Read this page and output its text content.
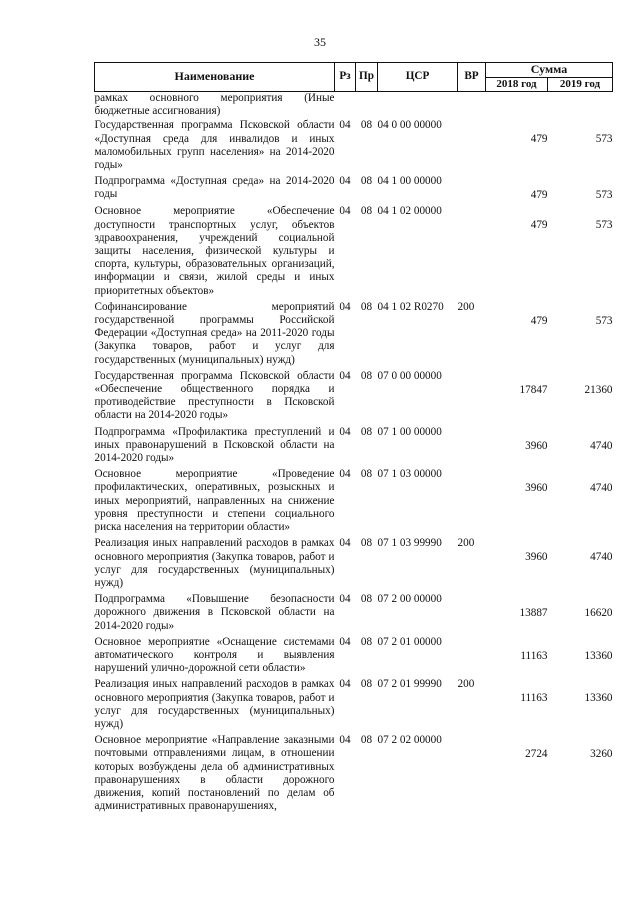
35
Наименование	Рз	Пр	ЦСР	ВР	Сумма	
					2018 год	2019 год
рамках основного мероприятия (Иные бюджетные ассигнования)						
Государственная программа Псковской области «Доступная среда для инвалидов и иных маломобильных групп населения» на 2014-2020 годы»	04	08	04 0 00 00000		479	573
Подпрограмма «Доступная среда» на 2014-2020 годы	04	08	04 1 00 00000		479	573
Основное мероприятие «Обеспечение доступности транспортных услуг, объектов здравоохранения, учреждений социальной защиты населения, физической культуры и спорта, культуры, образовательных организаций, информации и связи, жилой среды и иных приоритетных объектов»	04	08	04 1 02 00000		479	573
Софинансирование мероприятий государственной программы Российской Федерации «Доступная среда» на 2011-2020 годы (Закупка товаров, работ и услуг для государственных (муниципальных) нужд)	04	08	04 1 02 R0270	200	479	573
Государственная программа Псковской области «Обеспечение общественного порядка и противодействие преступности в Псковской области на 2014-2020 годы»	04	08	07 0 00 00000		17847	21360
Подпрограмма «Профилактика преступлений и иных правонарушений в Псковской области на 2014-2020 годы»	04	08	07 1 00 00000		3960	4740
Основное мероприятие «Проведение профилактических, оперативных, розыскных и иных мероприятий, направленных на снижение уровня преступности и степени социального риска населения на территории области»	04	08	07 1 03 00000		3960	4740
Реализация иных направлений расходов в рамках основного мероприятия (Закупка товаров, работ и услуг для государственных (муниципальных) нужд)	04	08	07 1 03 99990	200	3960	4740
Подпрограмма «Повышение безопасности дорожного движения в Псковской области на 2014-2020 годы»	04	08	07 2 00 00000		13887	16620
Основное мероприятие «Оснащение системами автоматического контроля и выявления нарушений улично-дорожной сети области»	04	08	07 2 01 00000		11163	13360
Реализация иных направлений расходов в рамках основного мероприятия (Закупка товаров, работ и услуг для государственных (муниципальных) нужд)	04	08	07 2 01 99990	200	11163	13360
Основное мероприятие «Направление заказными почтовыми отправлениями лицам, в отношении которых возбуждены дела об административных правонарушениях в области дорожного движения, копий постановлений по делам об административных правонарушениях,	04	08	07 2 02 00000		2724	3260
